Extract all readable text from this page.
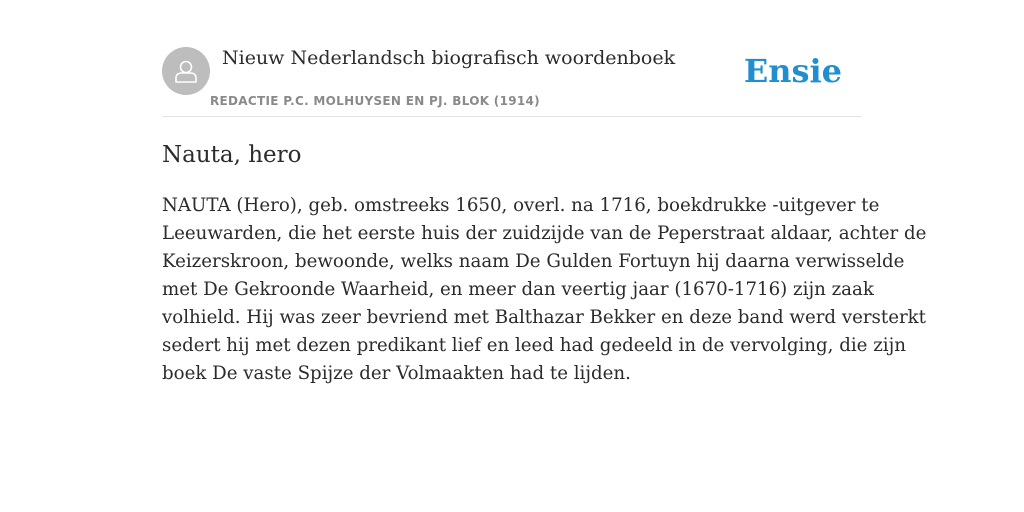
Nieuw Nederlandsch biografisch woordenboek
REDACTIE P.C. MOLHUYSEN EN PJ. BLOK (1914)
Ensie
Nauta, hero

NAUTA (Hero), geb. omstreeks 1650, overl. na 1716, boekdrukke -uitgever te
Leeuwarden, die het eerste huis der zuidzijde van de Peperstraat aldaar, achter de
Keizerskroon, bewoonde, welks naam De Gulden Fortuyn hij daarna verwisselde
met De Gekroonde Waarheid, en meer dan veertig jaar (1670-1716) zijn zaak
volhield. Hij was zeer bevriend met Balthazar Bekker en deze band werd versterkt
sedert hij met dezen predikant lief en leed had gedeeld in de vervolging, die zijn
boek De vaste Spijze der Volmaakten had te lijden.
